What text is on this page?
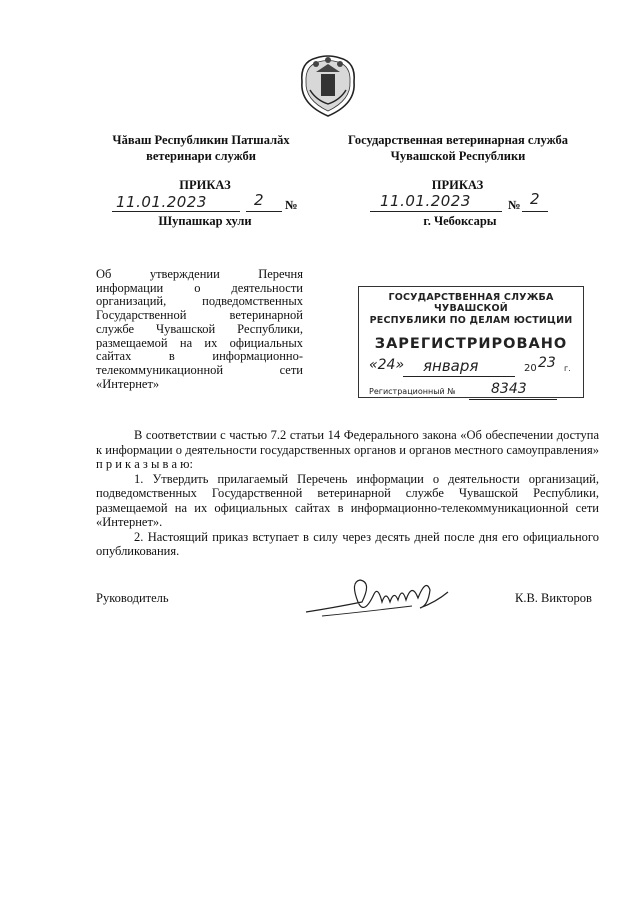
Чăваш Республикин Патшалăх
ветеринари служби
Государственная ветеринарная служба
Чувашской Республики
ПРИКАЗ	ПРИКАЗ
11.01.2023	2 №
Шупашкар хули
11.01.2023	№ 2
г. Чебоксары
Об утверждении Перечня
информации о деятельности
организаций, подведомственных
Государственной ветеринарной
службе Чувашской Республики,
размещаемой на их официальных
сайтах в информационно-
телекоммуникационной сети
«Интернет»
ГОСУДАРСТВЕННАЯ СЛУЖБА ЧУВАШСКОЙ
РЕСПУБЛИКИ ПО ДЕЛАМ ЮСТИЦИИ
ЗАРЕГИСТРИРОВАНО
«24» января	20 23 г.
Регистрационный №	8343

В соответствии с частью 7.2 статьи 14 Федерального закона «Об обеспечении доступа к информации о деятельности государственных органов и органов местного самоуправления» п р и к а з ы в а ю:

1. Утвердить прилагаемый Перечень информации о деятельности организаций, подведомственных Государственной ветеринарной службе Чувашской Республики, размещаемой на их официальных сайтах в информационно-телекоммуникационной сети «Интернет».

2. Настоящий приказ вступает в силу через десять дней после дня его официального опубликования.

Руководитель	К.В. Викторов
